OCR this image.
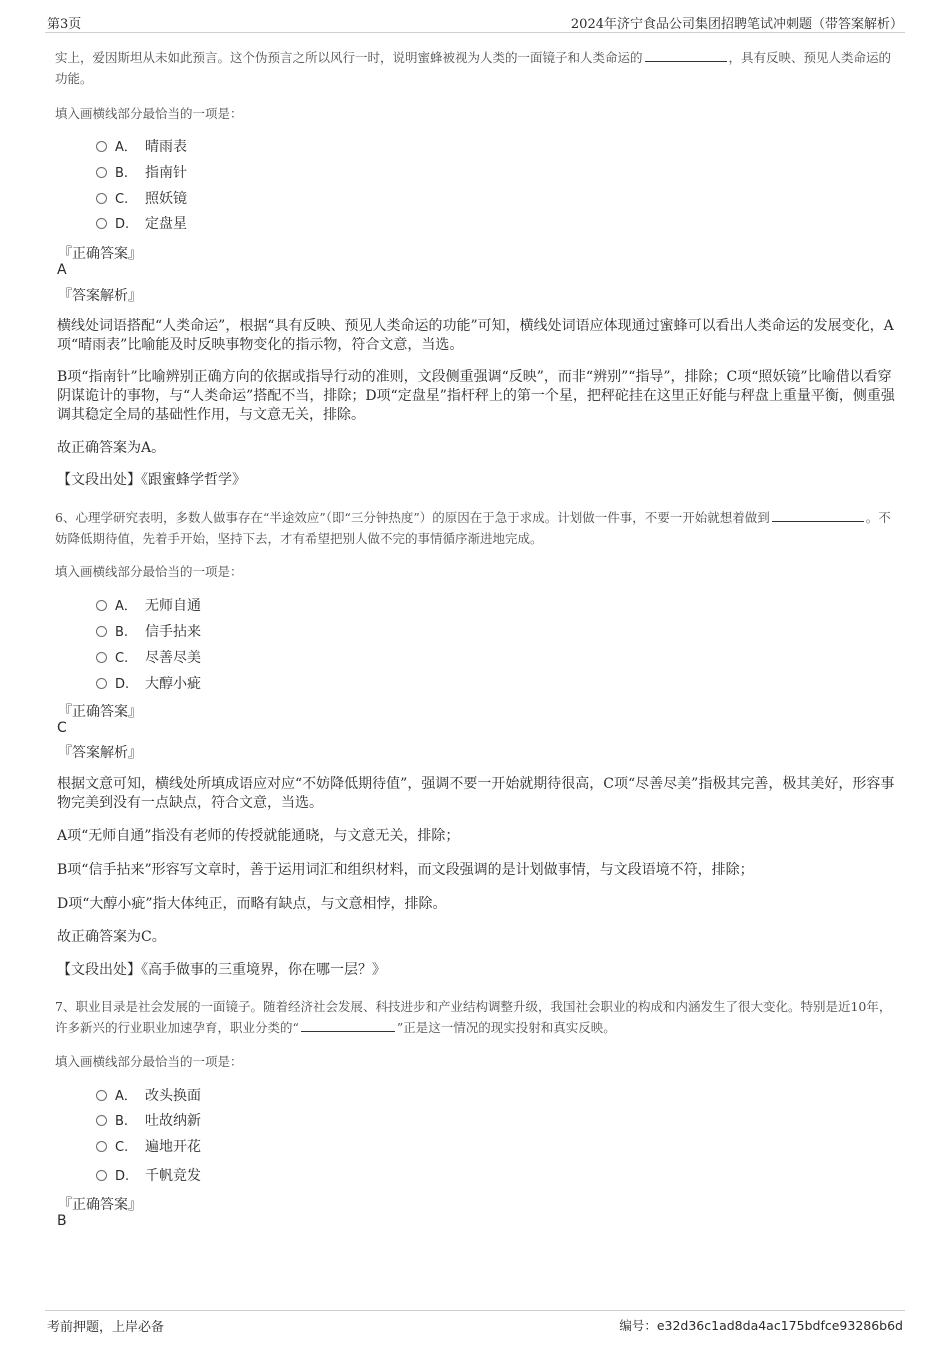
第3页	2024年济宁食品公司集团招聘笔试冲刺题（带答案解析）
实上，爱因斯坦从未如此预言。这个伪预言之所以风行一时，说明蜜蜂被视为人类的一面镜子和人类命运的	，具有反映、预见人类命运的功能。
填入画横线部分最恰当的一项是：
A． 晴雨表
B. 指南针
C. 照妖镜
D. 定盘星
『正确答案』
A
『答案解析』
横线处词语搭配“人类命运”，根据“具有反映、预见人类命运的功能”可知，横线处词语应体现通过蜜蜂可以看出人类命运的发展变化，A项“晴雨表”比喻能及时反映事物变化的指示物，符合文意，当选。
B项“指南针”比喻辨别正确方向的依据或指导行动的准则，文段侧重强调“反映”，而非“辨别”“指导”，排除；C项“照妖镜”比喻借以看穿阴谋诡计的事物，与“人类命运”搭配不当，排除；D项“定盘星”指杆秤上的第一个星，把秤砣挂在这里正好能与秤盘上重量平衡，侧重强调其稳定全局的基础性作用，与文意无关，排除。
故正确答案为A。
【文段出处】《跟蜜蜂学哲学》
6、心理学研究表明，多数人做事存在“半途效应”（即“三分钟热度”）的原因在于急于求成。计划做一件事，不要一开始就想着做到	。不妨降低期待值，先着手开始，坚持下去，才有希望把别人做不完的事情循序渐进地完成。
填入画横线部分最恰当的一项是：
A． 无师自通
B. 信手拈来
C. 尽善尽美
D. 大醇小疵
『正确答案』
C
『答案解析』
根据文意可知，横线处所填成语应对应“不妨降低期待值”，强调不要一开始就期待很高，C项“尽善尽美”指极其完善，极其美好，形容事物完美到没有一点缺点，符合文意，当选。
A项“无师自通”指没有老师的传授就能通晓，与文意无关，排除；
B项“信手拈来”形容写文章时，善于运用词汇和组织材料，而文段强调的是计划做事情，与文段语境不符，排除；
D项“大醇小疵”指大体纯正，而略有缺点，与文意相悖，排除。
故正确答案为C。
【文段出处】《高手做事的三重境界，你在哪一层？》
7、职业目录是社会发展的一面镜子。随着经济社会发展、科技进步和产业结构调整升级，我国社会职业的构成和内涵发生了很大变化。特别是近10年，许多新兴的行业职业加速孕育，职业分类的“	”正是这一情况的现实投射和真实反映。
填入画横线部分最恰当的一项是：
A． 改头换面
B. 吐故纳新
C. 遍地开花
D. 千帆竞发
『正确答案』
B
考前押题，上岸必备	编号：e32d36c1ad8da4ac175bdfce93286b6d
